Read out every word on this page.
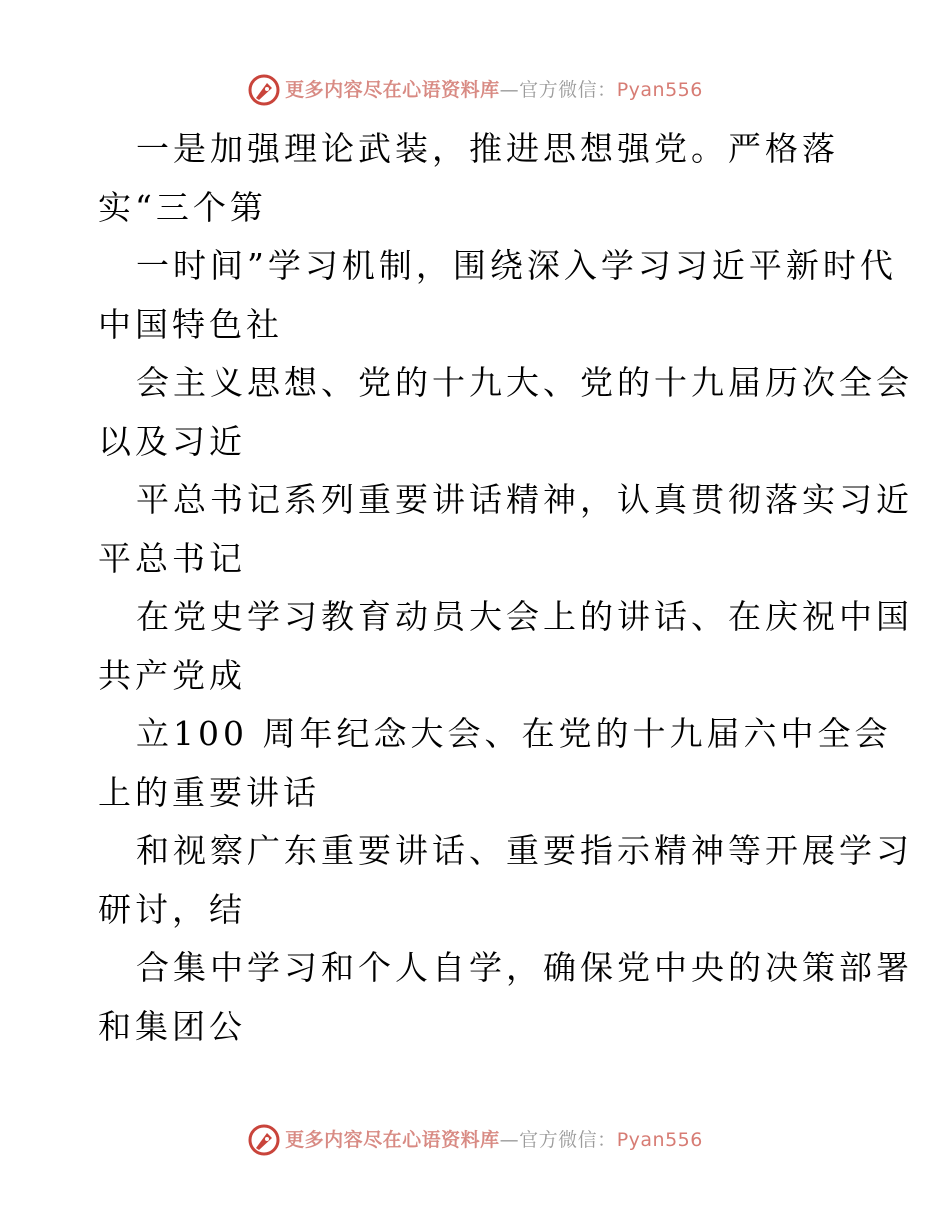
更多内容尽在心语资料库—官方微信：Pyan556
一是加强理论武装，推进思想强党。严格落
实“三个第
一时间”学习机制，围绕深入学习习近平新时代
中国特色社
会主义思想、党的十九大、党的十九届历次全会
以及习近
平总书记系列重要讲话精神，认真贯彻落实习近
平总书记
在党史学习教育动员大会上的讲话、在庆祝中国
共产党成
立100 周年纪念大会、在党的十九届六中全会
上的重要讲话
和视察广东重要讲话、重要指示精神等开展学习
研讨，结
合集中学习和个人自学，确保党中央的决策部署
和集团公
更多内容尽在心语资料库—官方微信：Pyan556
